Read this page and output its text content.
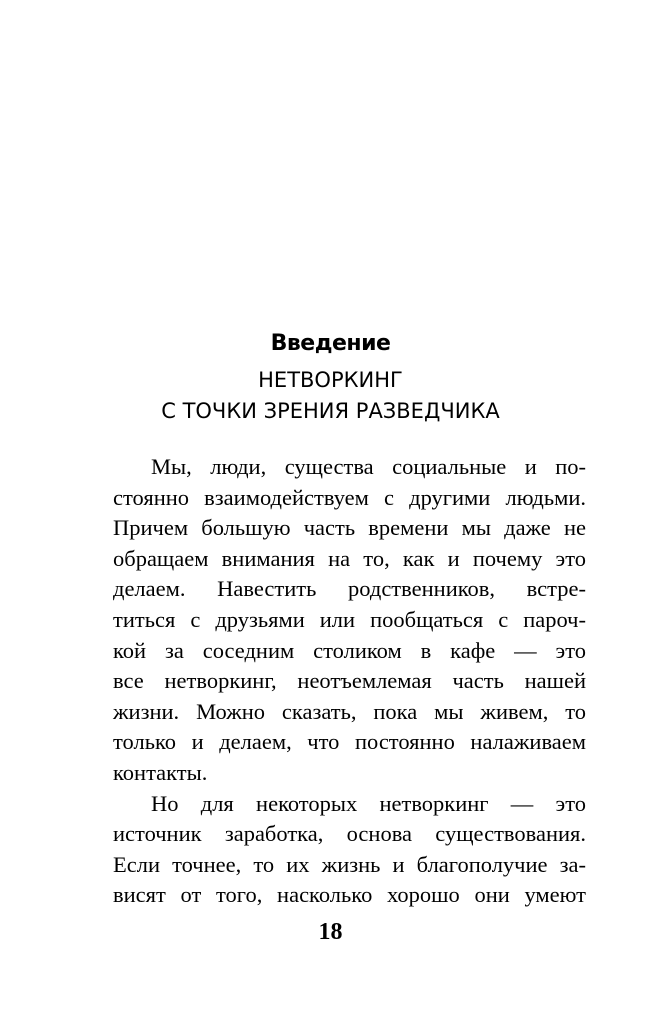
Введение
НЕТВОРКИНГ
С ТОЧКИ ЗРЕНИЯ РАЗВЕДЧИКА
Мы, люди, существа социальные и по-
стоянно взаимодействуем с другими людьми.
Причем большую часть времени мы даже не
обращаем внимания на то, как и почему это
делаем. Навестить родственников, встре-
титься с друзьями или пообщаться с пароч-
кой за соседним столиком в кафе — это
все нетворкинг, неотъемлемая часть нашей
жизни. Можно сказать, пока мы живем, то
только и делаем, что постоянно налаживаем
контакты.
Но для некоторых нетворкинг — это
источник заработка, основа существования.
Если точнее, то их жизнь и благополучие за-
висят от того, насколько хорошо они умеют
18
